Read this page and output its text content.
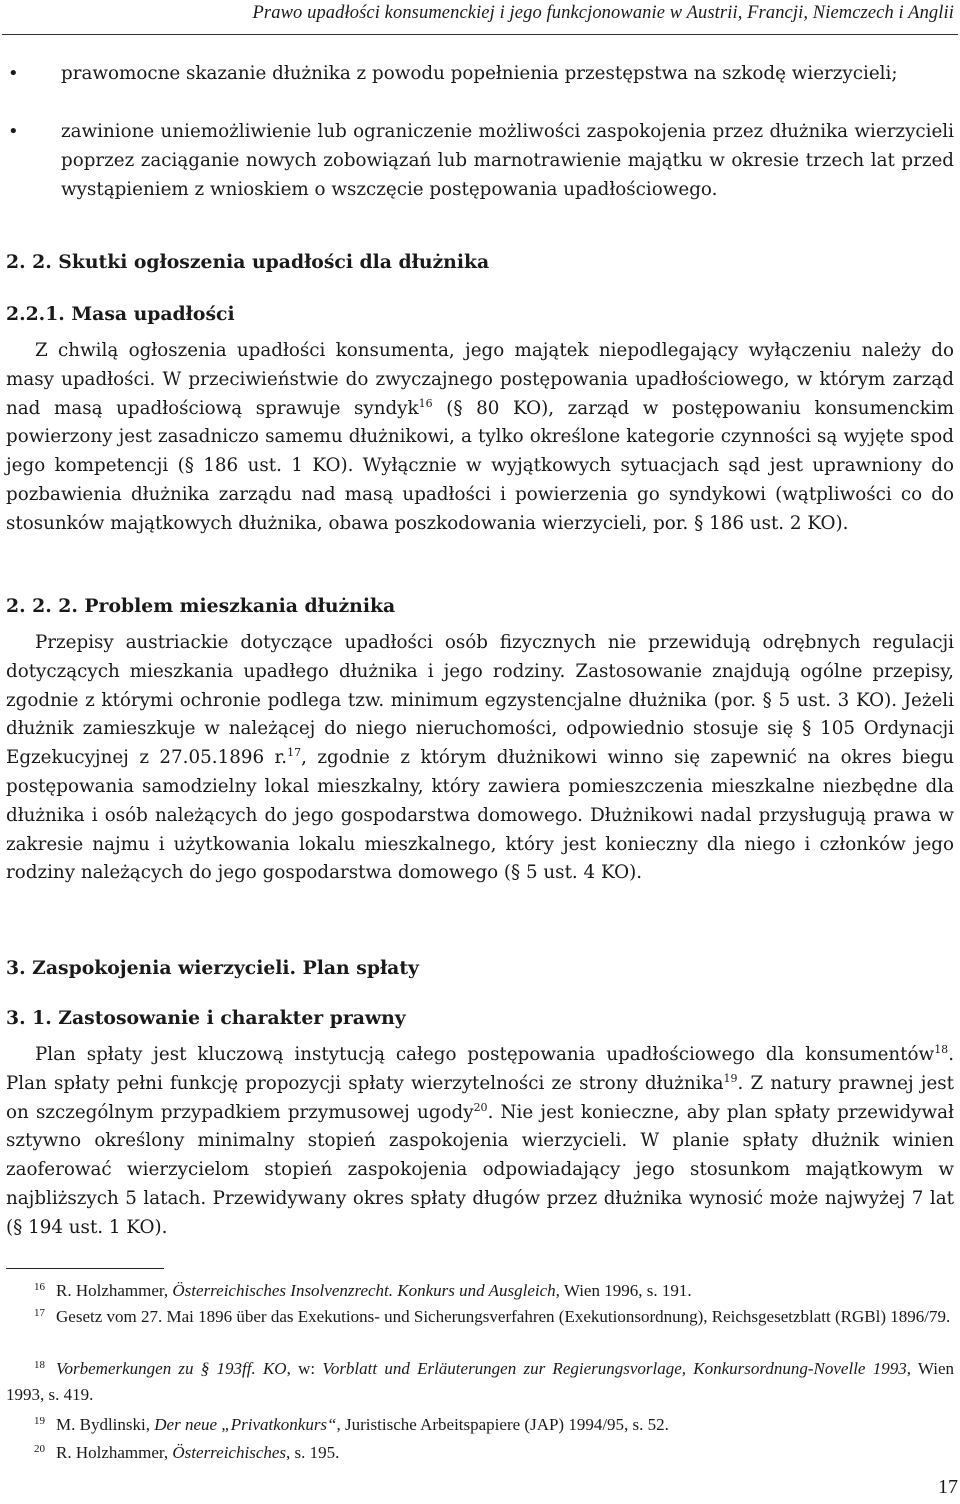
Prawo upadłości konsumenckiej i jego funkcjonowanie w Austrii, Francji, Niemczech i Anglii
•	prawomocne skazanie dłużnika z powodu popełnienia przestępstwa na szkodę wierzycieli;
•	zawinione uniemożliwienie lub ograniczenie możliwości zaspokojenia przez dłużnika wierzycieli poprzez zaciąganie nowych zobowiązań lub marnotrawienie majątku w okresie trzech lat przed wystąpieniem z wnioskiem o wszczęcie postępowania upadłościowego.
2. 2. Skutki ogłoszenia upadłości dla dłużnika
2.2.1. Masa upadłości
Z chwilą ogłoszenia upadłości konsumenta, jego majątek niepodlegający wyłączeniu należy do masy upadłości. W przeciwieństwie do zwyczajnego postępowania upadłościowego, w którym zarząd nad masą upadłościową sprawuje syndyk$^{16}$ (§ 80 KO), zarząd w postępowaniu konsumenckim powierzony jest zasadniczo samemu dłużnikowi, a tylko określone kategorie czynności są wyjęte spod jego kompetencji (§ 186 ust. 1 KO). Wyłącznie w wyjątkowych sytuacjach sąd jest uprawniony do pozbawienia dłużnika zarządu nad masą upadłości i powierzenia go syndykowi (wątpliwości co do stosunków majątkowych dłużnika, obawa poszkodowania wierzycieli, por. § 186 ust. 2 KO).
2. 2. 2. Problem mieszkania dłużnika
Przepisy austriackie dotyczące upadłości osób fizycznych nie przewidują odrębnych regulacji dotyczących mieszkania upadłego dłużnika i jego rodziny. Zastosowanie znajdują ogólne przepisy, zgodnie z którymi ochronie podlega tzw. minimum egzystencjalne dłużnika (por. § 5 ust. 3 KO). Jeżeli dłużnik zamieszkuje w należącej do niego nieruchomości, odpowiednio stosuje się § 105 Ordynacji Egzekucyjnej z 27.05.1896 r.$^{17}$, zgodnie z którym dłużnikowi winno się zapewnić na okres biegu postępowania samodzielny lokal mieszkalny, który zawiera pomieszczenia mieszkalne niezbędne dla dłużnika i osób należących do jego gospodarstwa domowego. Dłużnikowi nadal przysługują prawa w zakresie najmu i użytkowania lokalu mieszkalnego, który jest konieczny dla niego i członków jego rodziny należących do jego gospodarstwa domowego (§ 5 ust. 4 KO).
3. Zaspokojenia wierzycieli. Plan spłaty
3. 1. Zastosowanie i charakter prawny
Plan spłaty jest kluczową instytucją całego postępowania upadłościowego dla konsumentów$^{18}$. Plan spłaty pełni funkcję propozycji spłaty wierzytelności ze strony dłużnika$^{19}$. Z natury prawnej jest on szczególnym przypadkiem przymusowej ugody$^{20}$. Nie jest konieczne, aby plan spłaty przewidywał sztywno określony minimalny stopień zaspokojenia wierzycieli. W planie spłaty dłużnik winien zaoferować wierzycielom stopień zaspokojenia odpowiadający jego stosunkom majątkowym w najbliższych 5 latach. Przewidywany okres spłaty długów przez dłużnika wynosić może najwyżej 7 lat (§ 194 ust. 1 KO).
$^{16}$ R. Holzhammer, Österreichisches Insolvenzrecht. Konkurs und Ausgleich, Wien 1996, s. 191.
$^{17}$ Gesetz vom 27. Mai 1896 über das Exekutions- und Sicherungsverfahren (Exekutionsordnung), Reichsgesetzblatt (RGBl) 1896/79.
$^{18}$ Vorbemerkungen zu § 193ff. KO, w: Vorblatt und Erläuterungen zur Regierungsvorlage, Konkursordnung-Novelle 1993, Wien 1993, s. 419.
$^{19}$ M. Bydlinski, Der neue „Privatkonkurs“, Juristische Arbeitspapiere (JAP) 1994/95, s. 52.
$^{20}$ R. Holzhammer, Österreichisches, s. 195.
17
